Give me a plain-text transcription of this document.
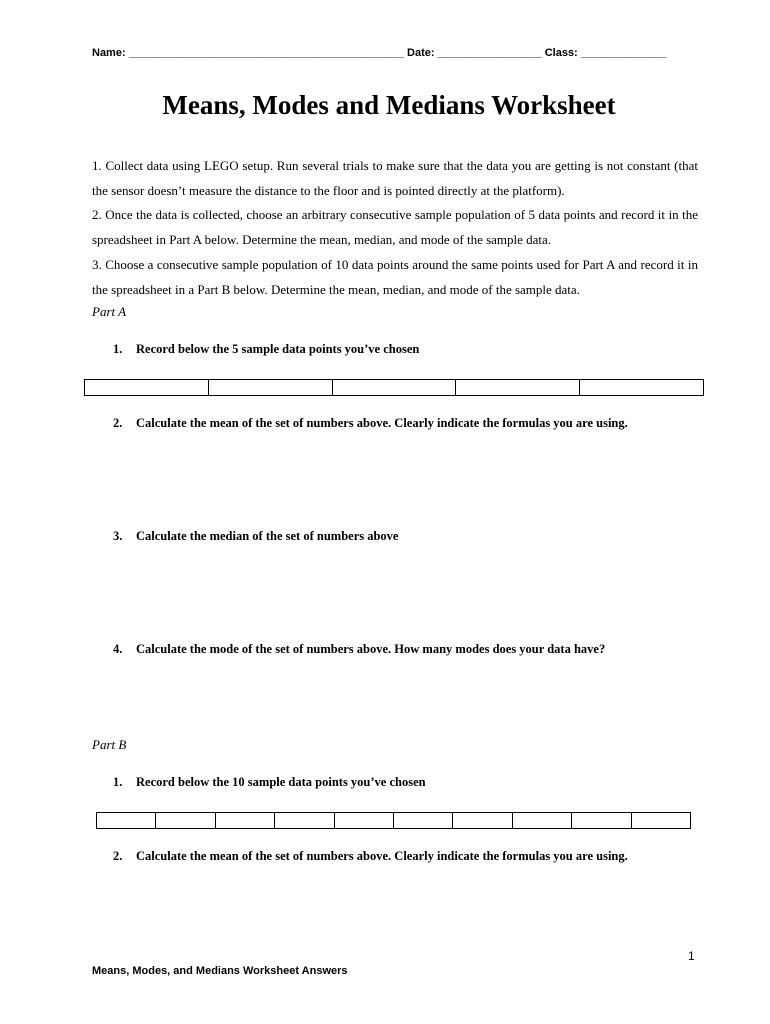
Name: _____________________________________________ Date: _________________ Class: ______________
Means, Modes and Medians Worksheet
1. Collect data using LEGO setup. Run several trials to make sure that the data you are getting is not constant (that the sensor doesn’t measure the distance to the floor and is pointed directly at the platform).
2. Once the data is collected, choose an arbitrary consecutive sample population of 5 data points and record it in the spreadsheet in Part A below. Determine the mean, median, and mode of the sample data.
3. Choose a consecutive sample population of 10 data points around the same points used for Part A and record it in the spreadsheet in a Part B below. Determine the mean, median, and mode of the sample data.
Part A
1. Record below the 5 sample data points you’ve chosen

2. Calculate the mean of the set of numbers above. Clearly indicate the formulas you are using.
3. Calculate the median of the set of numbers above
4. Calculate the mode of the set of numbers above. How many modes does your data have?
Part B
1. Record below the 10 sample data points you’ve chosen

2. Calculate the mean of the set of numbers above. Clearly indicate the formulas you are using.
1
Means, Modes, and Medians Worksheet Answers
